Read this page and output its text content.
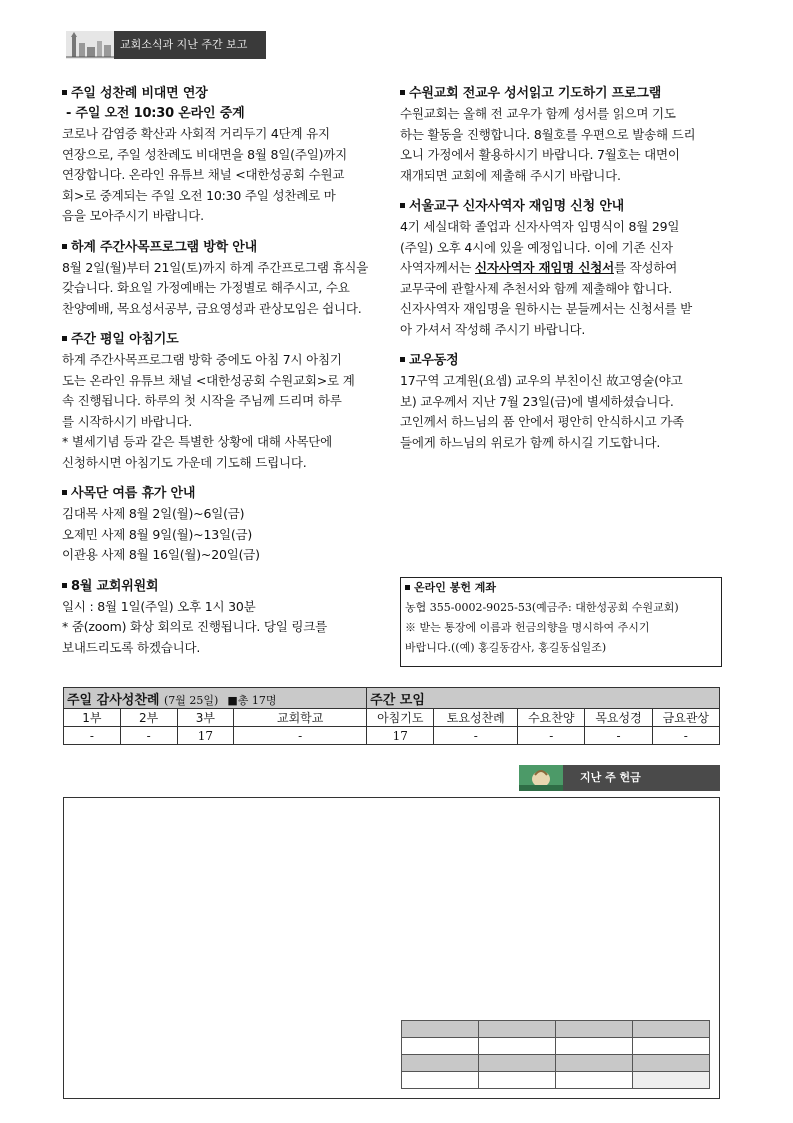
교회소식과 지난 주간 보고
주일 성찬례 비대면 연장
- 주일 오전 10:30 온라인 중계
코로나 감염증 확산과 사회적 거리두기 4단계 유지
연장으로, 주일 성찬례도 비대면을 8월 8일(주일)까지
연장합니다. 온라인 유튜브 채널 <대한성공회 수원교
회>로 중계되는 주일 오전 10:30 주일 성찬례로 마
음을 모아주시기 바랍니다.
하계 주간사목프로그램 방학 안내
8월 2일(월)부터 21일(토)까지 하계 주간프로그램 휴식을
갖습니다. 화요일 가정예배는 가정별로 해주시고, 수요
찬양예배, 목요성서공부, 금요영성과 관상모임은 쉽니다.
주간 평일 아침기도
하계 주간사목프로그램 방학 중에도 아침 7시 아침기
도는 온라인 유튜브 채널 <대한성공회 수원교회>로 계
속 진행됩니다. 하루의 첫 시작을 주님께 드리며 하루
를 시작하시기 바랍니다.
* 별세기념 등과 같은 특별한 상황에 대해 사목단에
신청하시면 아침기도 가운데 기도해 드립니다.
사목단 여름 휴가 안내
김대목 사제 8월 2일(월)~6일(금)
오제민 사제 8월 9일(월)~13일(금)
이관용 사제 8월 16일(월)~20일(금)
8월 교회위원회
일시 : 8월 1일(주일) 오후 1시 30분
* 줌(zoom) 화상 회의로 진행됩니다. 당일 링크를
보내드리도록 하겠습니다.
수원교회 전교우 성서읽고 기도하기 프로그램
수원교회는 올해 전 교우가 함께 성서를 읽으며 기도
하는 활동을 진행합니다. 8월호를 우편으로 발송해 드리
오니 가정에서 활용하시기 바랍니다. 7월호는 대면이
재개되면 교회에 제출해 주시기 바랍니다.
서울교구 신자사역자 재임명 신청 안내
4기 세실대학 졸업과 신자사역자 임명식이 8월 29일
(주일) 오후 4시에 있을 예정입니다. 이에 기존 신자
사역자께서는 신자사역자 재임명 신청서를 작성하여
교무국에 관할사제 추천서와 함께 제출해야 합니다.
신자사역자 재임명을 원하시는 분들께서는 신청서를 받
아 가셔서 작성해 주시기 바랍니다.
교우동정
17구역 고계원(요셉) 교우의 부친이신 故고영술(야고
보) 교우께서 지난 7월 23일(금)에 별세하셨습니다.
고인께서 하느님의 품 안에서 평안히 안식하시고 가족
들에게 하느님의 위로가 함께 하시길 기도합니다.
온라인 봉헌 계좌
농협 355-0002-9025-53(예금주: 대한성공회 수원교회)
※ 받는 통장에 이름과 헌금의향을 명시하여 주시기
바랍니다.((예) 홍길동감사, 홍길동십일조)
주일 감사성찬례 (7월 25일) ■총 17명				주간 모임				
1부	2부	3부	교회학교	아침기도	토요성찬례	수요찬양	목요성경	금요관상
-	-	17	-	17	-	-	-	-
지난 주 헌금
